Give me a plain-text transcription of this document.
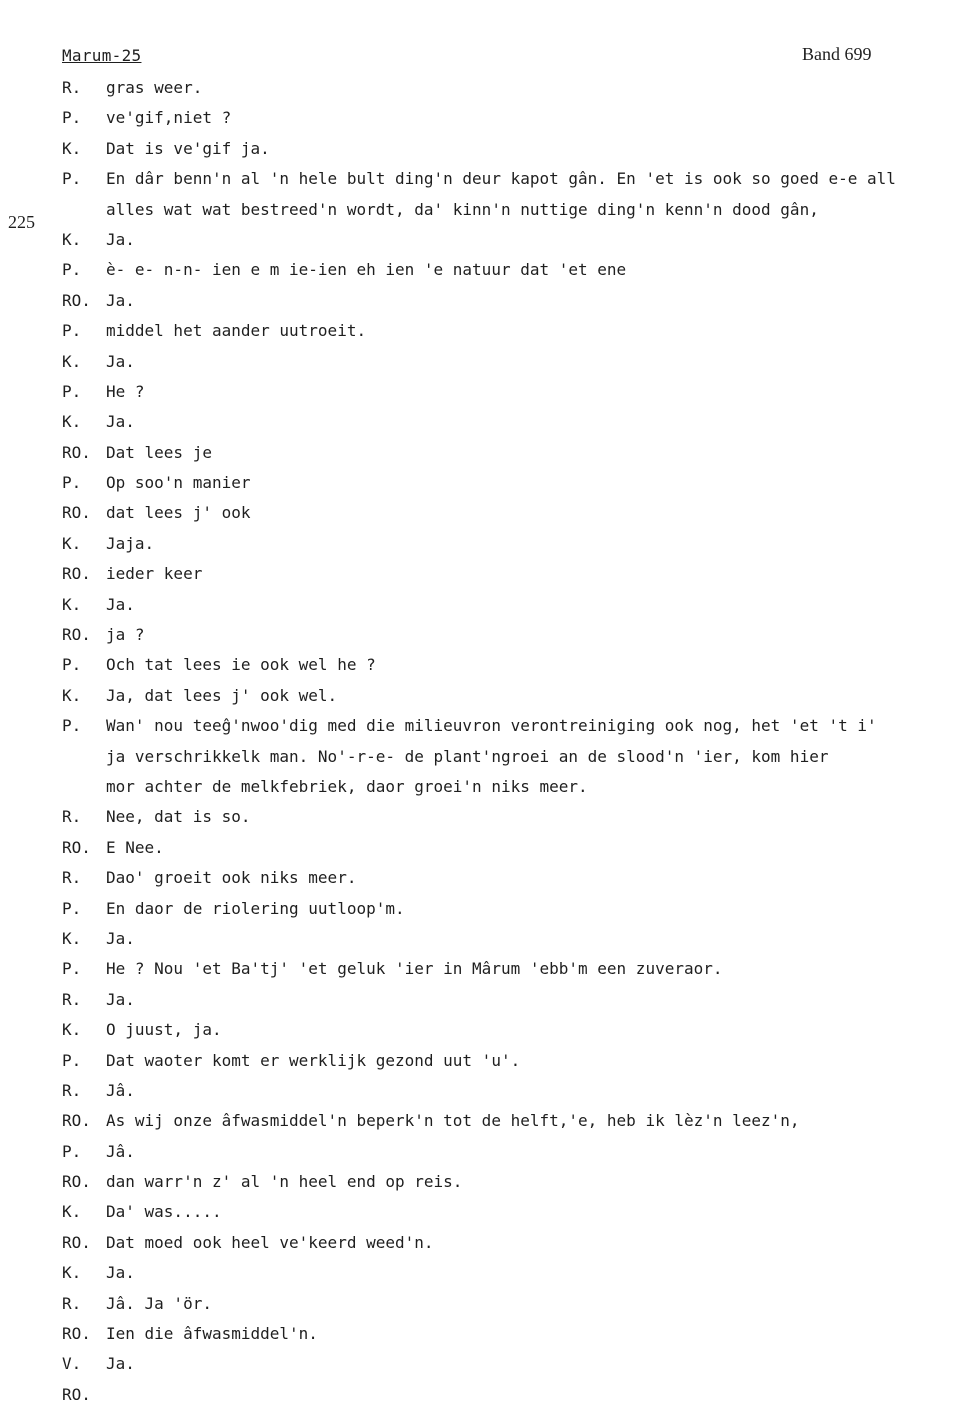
Marum-25	Band 699
225
R. gras weer.
P. ve'gif,niet ?
K. Dat is ve'gif ja.
P. En dâr benn'n al 'n hele bult ding'n deur kapot gân. En 'et is ook so goed e-e all
alles wat wat bestreed'n wordt, da' kinn'n nuttige ding'n kenn'n dood gân,
K. Ja.
P. è- e- n-n- ien e m ie-ien eh ien 'e natuur dat 'et ene
RO. Ja.
P. middel het aander uutroeit.
K. Ja.
P. He ?
K. Ja.
RO. Dat lees je
P. Op soo'n manier
RO. dat lees j' ook
K. Jaja.
RO. ieder keer
K. Ja.
RO. ja ?
P. Och tat lees ie ook wel he ?
K. Ja, dat lees j' ook wel.
P. Wan' nou teeĝ'nwoo'dig med die milieuvron verontreiniging ook nog, het 'et 't i'
ja verschrikkelk man. No'-r-e- de plant'ngroei an de slood'n 'ier, kom hier
mor achter de melkfebriek, daor groei'n niks meer.
R. Nee, dat is so.
RO. E Nee.
R. Dao' groeit ook niks meer.
P. En daor de riolering uutloop'm.
K. Ja.
P. He ? Nou 'et Ba'tj' 'et geluk 'ier in Mârum 'ebb'm een zuveraor.
R. Ja.
K. O juust, ja.
P. Dat waoter komt er werklijk gezond uut 'u'.
R. Jâ.
RO. As wij onze âfwasmiddel'n beperk'n tot de helft,'e, heb ik lèz'n leez'n,
P. Jâ.
RO. dan warr'n z' al 'n heel end op reis.
K. Da' was.....
RO. Dat moed ook heel ve'keerd weed'n.
K. Ja.
R. Jâ. Ja 'ör.
RO. Ien die âfwasmiddel'n.
V. Ja.
RO.
